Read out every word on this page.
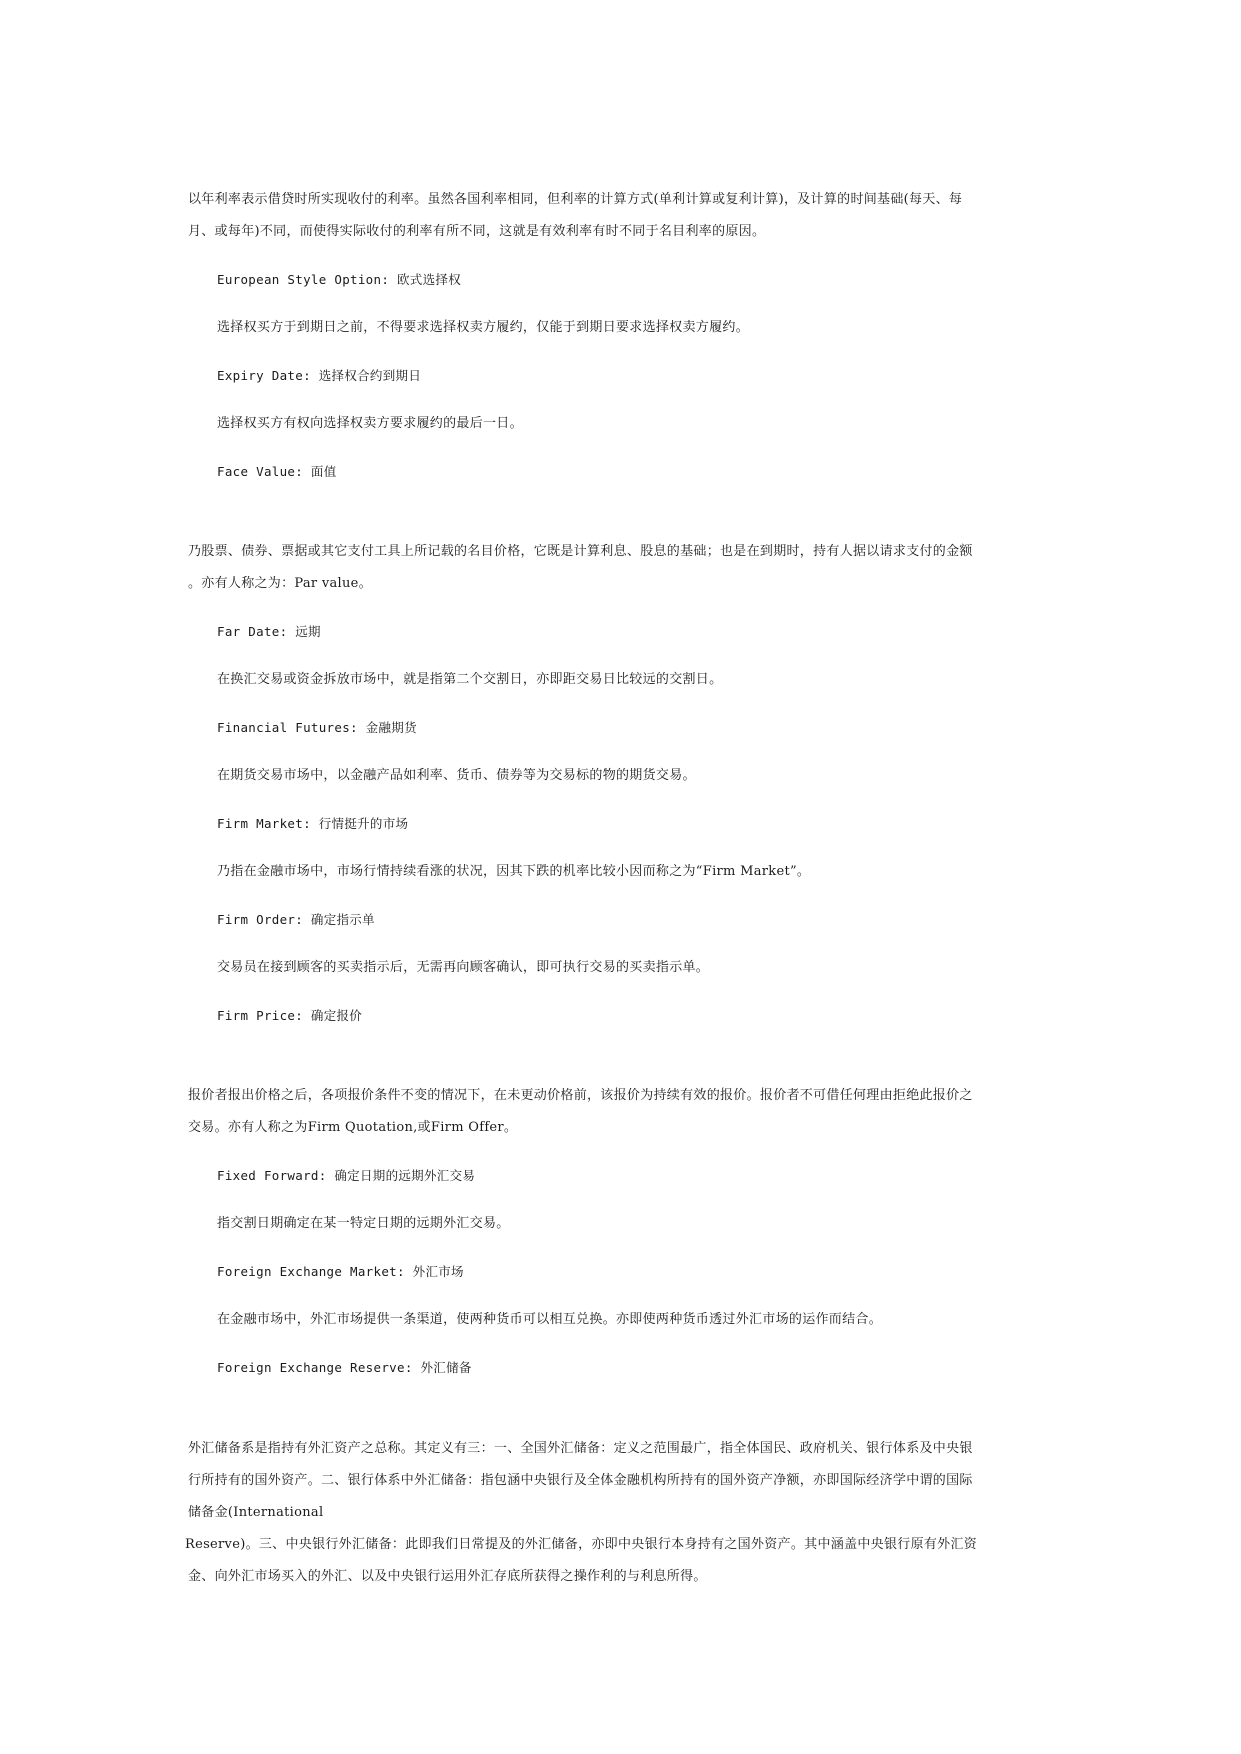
以年利率表示借贷时所实现收付的利率。虽然各国利率相同，但利率的计算方式(单利计算或复利计算)，及计算的时间基础(每天、每
月、或每年)不同，而使得实际收付的利率有所不同，这就是有效利率有时不同于名目利率的原因。
European Style Option: 欧式选择权
选择权买方于到期日之前，不得要求选择权卖方履约，仅能于到期日要求选择权卖方履约。
Expiry Date: 选择权合约到期日
选择权买方有权向选择权卖方要求履约的最后一日。
Face Value: 面值
乃股票、债券、票据或其它支付工具上所记载的名目价格，它既是计算利息、股息的基础；也是在到期时，持有人据以请求支付的金额
。亦有人称之为：Par value。
Far Date: 远期
在换汇交易或资金拆放市场中，就是指第二个交割日，亦即距交易日比较远的交割日。
Financial Futures: 金融期货
在期货交易市场中，以金融产品如利率、货币、债券等为交易标的物的期货交易。
Firm Market: 行情挺升的市场
乃指在金融市场中，市场行情持续看涨的状况，因其下跌的机率比较小因而称之为“Firm Market”。
Firm Order: 确定指示单
交易员在接到顾客的买卖指示后，无需再向顾客确认，即可执行交易的买卖指示单。
Firm Price: 确定报价
报价者报出价格之后，各项报价条件不变的情况下，在未更动价格前，该报价为持续有效的报价。报价者不可借任何理由拒绝此报价之
交易。亦有人称之为Firm Quotation,或Firm Offer。
Fixed Forward: 确定日期的远期外汇交易
指交割日期确定在某一特定日期的远期外汇交易。
Foreign Exchange Market: 外汇市场
在金融市场中，外汇市场提供一条渠道，使两种货币可以相互兑换。亦即使两种货币透过外汇市场的运作而结合。
Foreign Exchange Reserve: 外汇储备
外汇储备系是指持有外汇资产之总称。其定义有三：一、全国外汇储备：定义之范围最广，指全体国民、政府机关、银行体系及中央银
行所持有的国外资产。二、银行体系中外汇储备：指包涵中央银行及全体金融机构所持有的国外资产净额，亦即国际经济学中谓的国际
储备金(International
Reserve)。三、中央银行外汇储备：此即我们日常提及的外汇储备，亦即中央银行本身持有之国外资产。其中涵盖中央银行原有外汇资
金、向外汇市场买入的外汇、以及中央银行运用外汇存底所获得之操作利的与利息所得。
